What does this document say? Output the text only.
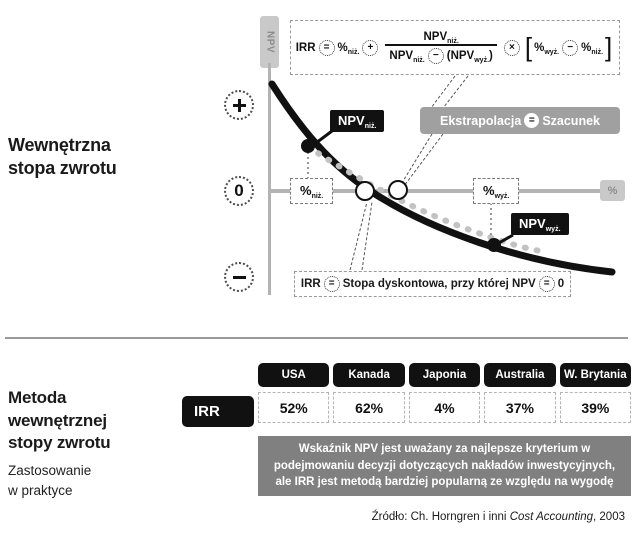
Wewnętrzna
stopa zwrotu
NPV
%
0
IRR = $\%_{niż.}$ +	$\frac{NPV_{niż.}}{NPV_{niż.} - (NPV_{wyż.})}$	× [ $\%_{wyż.} - \%_{niż.}$ ]
$NPV_{niż.}$
$NPV_{wyż.}$
$\%_{niż.}$	$\%_{wyż.}$
Ekstrapolacja = Szacunek
IRR = Stopa dyskontowa, przy której NPV = 0
Metoda
wewnętrznej
stopy zwrotu
Zastosowanie
w praktyce
IRR
USA	Kanada	Japonia	Australia	W. Brytania
52%	62%	4%	37%	39%
Wskaźnik NPV jest uważany za najlepsze kryterium w podejmowaniu decyzji dotyczących nakładów inwestycyjnych, ale IRR jest metodą bardziej popularną ze względu na wygodę
Źródło: Ch. Horngren i inni Cost Accounting, 2003
